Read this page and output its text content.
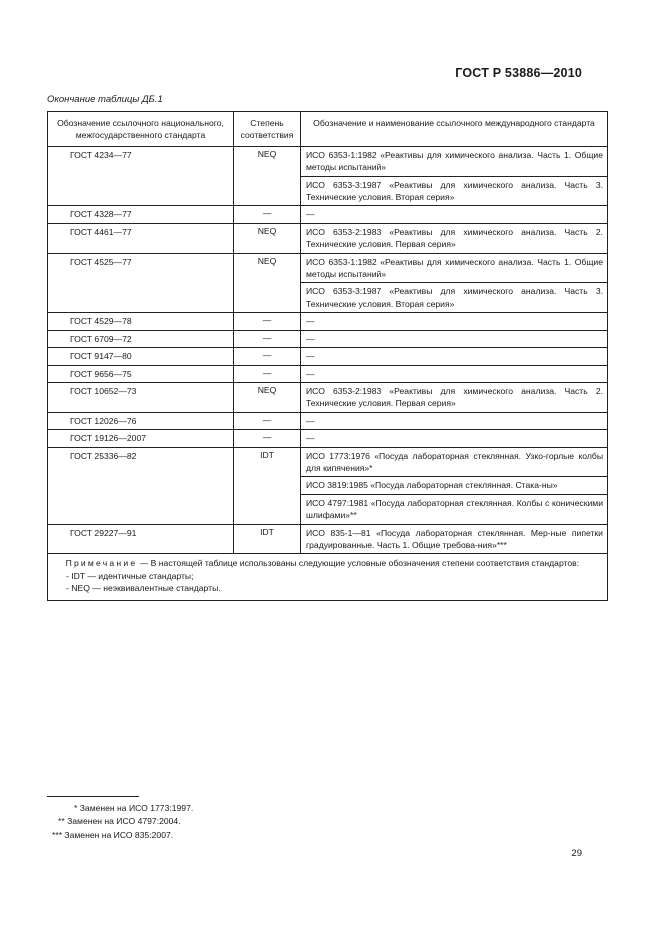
ГОСТ Р 53886—2010
Окончание таблицы ДБ.1
Обозначение ссылочного национального, межгосударственного стандарта	Степень соответствия	Обозначение и наименование ссылочного международного стандарта
ГОСТ 4234—77	NEQ	ИСО 6353-1:1982 «Реактивы для химического анализа. Часть 1. Общие методы испытаний»
		ИСО 6353-3:1987 «Реактивы для химического анализа. Часть 3. Технические условия. Вторая серия»
ГОСТ 4328—77	—	—
ГОСТ 4461—77	NEQ	ИСО 6353-2:1983 «Реактивы для химического анализа. Часть 2. Технические условия. Первая серия»
ГОСТ 4525—77	NEQ	ИСО 6353-1:1982 «Реактивы для химического анализа. Часть 1. Общие методы испытаний»
		ИСО 6353-3:1987 «Реактивы для химического анализа. Часть 3. Технические условия. Вторая серия»
ГОСТ 4529—78	—	—
ГОСТ 6709—72	—	—
ГОСТ 9147—80	—	—
ГОСТ 9656—75	—	—
ГОСТ 10652—73	NEQ	ИСО 6353-2:1983 «Реактивы для химического анализа. Часть 2. Технические условия. Первая серия»
ГОСТ 12026—76	—	—
ГОСТ 19126—2007	—	—
ГОСТ 25336—82	IDT	ИСО 1773:1976 «Посуда лабораторная стеклянная. Узко-горлые колбы для кипячения»*
		ИСО 3819:1985 «Посуда лабораторная стеклянная. Стака-ны»
		ИСО 4797:1981 «Посуда лабораторная стеклянная. Колбы с коническими шлифами»**
ГОСТ 29227—91	IDT	ИСО 835-1—81 «Посуда лабораторная стеклянная. Мер-ные пипетки градуированные. Часть 1. Общие требова-ния»***

Примечание — В настоящей таблице использованы следующие условные обозначения степени соответствия стандартов:
- IDT — идентичные стандарты;
- NEQ — неэквивалентные стандарты.		
* Заменен на ИСО 1773:1997.
** Заменен на ИСО 4797:2004.
*** Заменен на ИСО 835:2007.
29
